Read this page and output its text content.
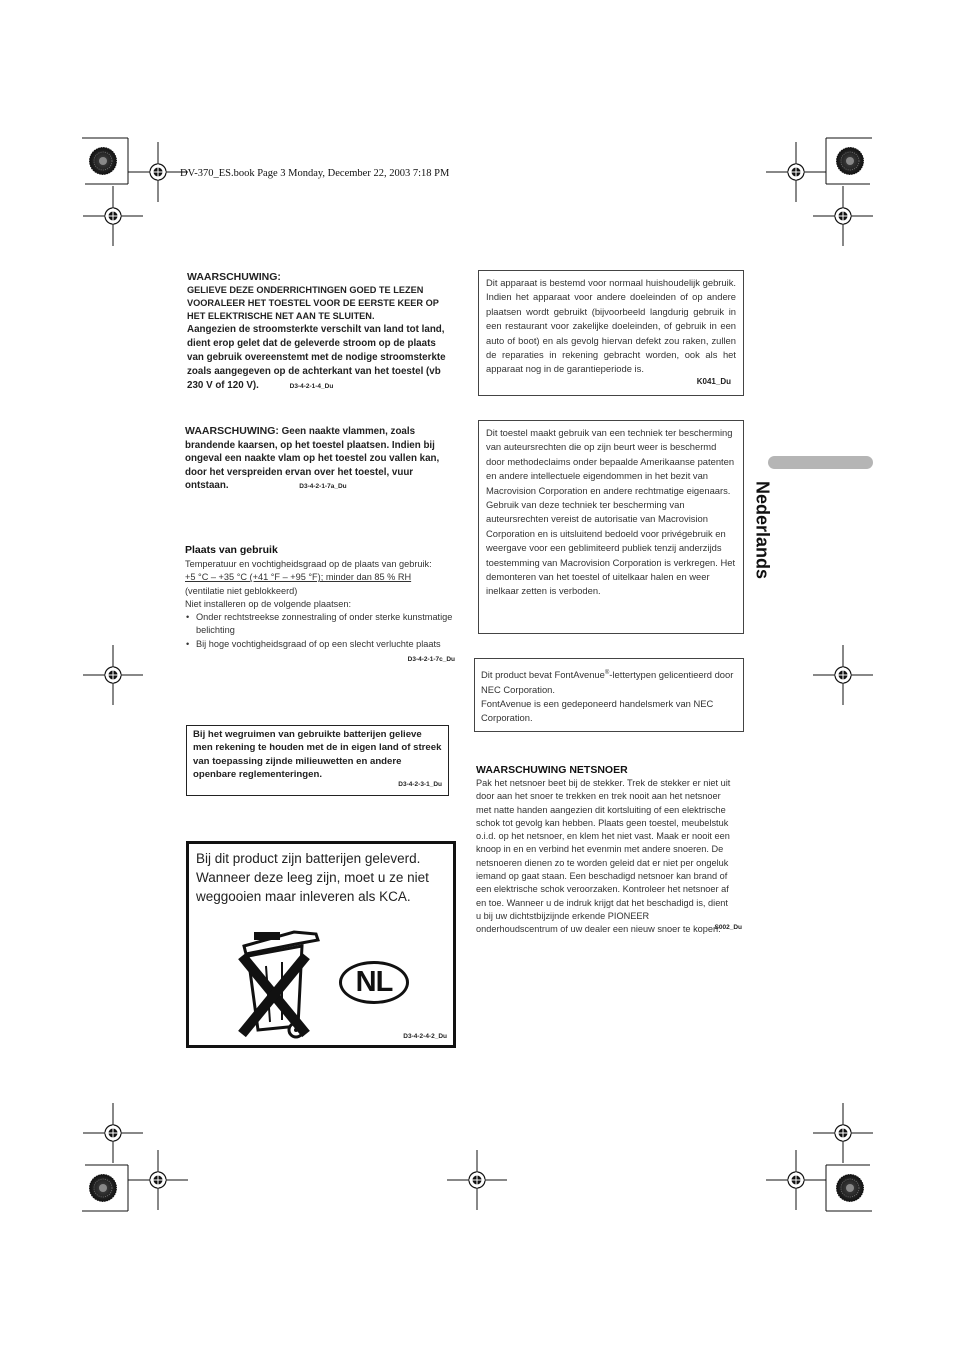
DV-370_ES.book Page 3 Monday, December 22, 2003 7:18 PM
Nederlands

WAARSCHUWING:

GELIEVE DEZE ONDERRICHTINGEN GOED TE LEZEN VOORALEER HET TOESTEL VOOR DE EERSTE KEER OP HET ELEKTRISCHE NET AAN TE SLUITEN.

Aangezien de stroomsterkte verschilt van land tot land, dient erop gelet dat de geleverde stroom op de plaats van gebruik overeenstemt met de nodige stroomsterkte zoals aangegeven op de achterkant van het toestel (vb 230 V of 120 V).	D3-4-2-1-4_Du

WAARSCHUWING: Geen naakte vlammen, zoals brandende kaarsen, op het toestel plaatsen. Indien bij ongeval een naakte vlam op het toestel zou vallen kan, door het verspreiden ervan over het toestel, vuur ontstaan.	D3-4-2-1-7a_Du

Plaats van gebruik

Temperatuur en vochtigheidsgraad op de plaats van gebruik:

+5 °C – +35 °C (+41 °F – +95 °F); minder dan 85 % RH

(ventilatie niet geblokkeerd)

Niet installeren op de volgende plaatsen:

• Onder rechtstreekse zonnestraling of onder sterke kunstmatige belichting
• Bij hoge vochtigheidsgraad of op een slecht verluchte plaats
D3-4-2-1-7c_Du
Bij het wegruimen van gebruikte batterijen gelieve men rekening te houden met de in eigen land of streek van toepassing zijnde milieuwetten en andere openbare reglementeringen.
D3-4-2-3-1_Du

Bij dit product zijn batterijen geleverd. Wanneer deze leeg zijn, moet u ze niet weggooien maar inleveren als KCA.

NL
D3-4-2-4-2_Du
Dit apparaat is bestemd voor normaal huishoudelijk gebruik. Indien het apparaat voor andere doeleinden of op andere plaatsen wordt gebruikt (bijvoorbeeld langdurig gebruik in een restaurant voor zakelijke doeleinden, of gebruik in een auto of boot) en als gevolg hiervan defekt zou raken, zullen de reparaties in rekening gebracht worden, ook als het apparaat nog in de garantieperiode is.
K041_Du
Dit toestel maakt gebruik van een techniek ter bescherming van auteursrechten die op zijn beurt weer is beschermd door methodeclaims onder bepaalde Amerikaanse patenten en andere intellectuele eigendommen in het bezit van Macrovision Corporation en andere rechtmatige eigenaars. Gebruik van deze techniek ter bescherming van auteursrechten vereist de autorisatie van Macrovision Corporation en is uitsluitend bedoeld voor privégebruik en weergave voor een geblimiteerd publiek tenzij anderzijds toestemming van Macrovision Corporation is verkregen. Het demonteren van het toestel of uitelkaar halen en weer inelkaar zetten is verboden.

Dit product bevat FontAvenue®-lettertypen gelicentieerd door NEC Corporation.

FontAvenue is een gedeponeerd handelsmerk van NEC Corporation.

WAARSCHUWING NETSNOER

Pak het netsnoer beet bij de stekker. Trek de stekker er niet uit door aan het snoer te trekken en trek nooit aan het netsnoer met natte handen aangezien dit kortsluiting of een elektrische schok tot gevolg kan hebben. Plaats geen toestel, meubelstuk o.i.d. op het netsnoer, en klem het niet vast. Maak er nooit een knoop in en en verbind het evenmin met andere snoeren. De netsnoeren dienen zo te worden geleid dat er niet per ongeluk iemand op gaat staan. Een beschadigd netsnoer kan brand of een elektrische schok veroorzaken. Kontroleer het netsnoer af en toe. Wanneer u de indruk krijgt dat het beschadigd is, dient u bij uw dichtstbijzijnde erkende PIONEER onderhoudscentrum of uw dealer een nieuw snoer te kopen.

S002_Du
